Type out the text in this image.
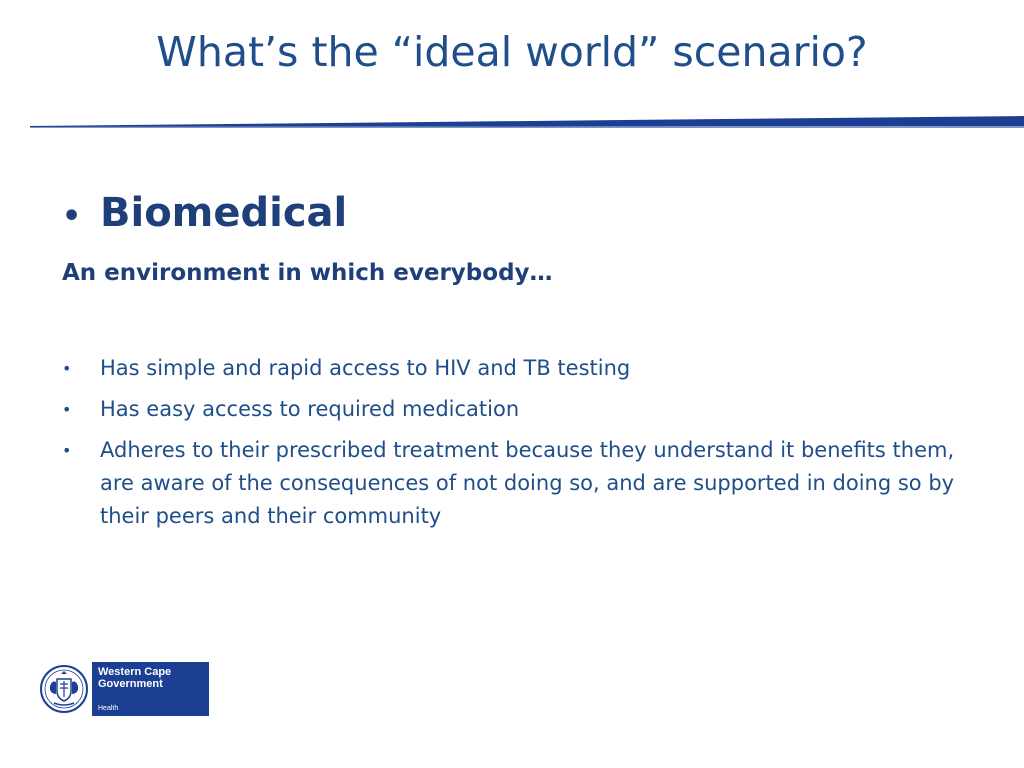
What’s the “ideal world” scenario?
• Biomedical
An environment in which everybody…
•	Has simple and rapid access to HIV and TB testing
•	Has easy access to required medication
•	Adheres to their prescribed treatment because they understand it benefits them, are aware of the consequences of not doing so, and are supported in doing so by their peers and their community
Western Cape
Government
Health
